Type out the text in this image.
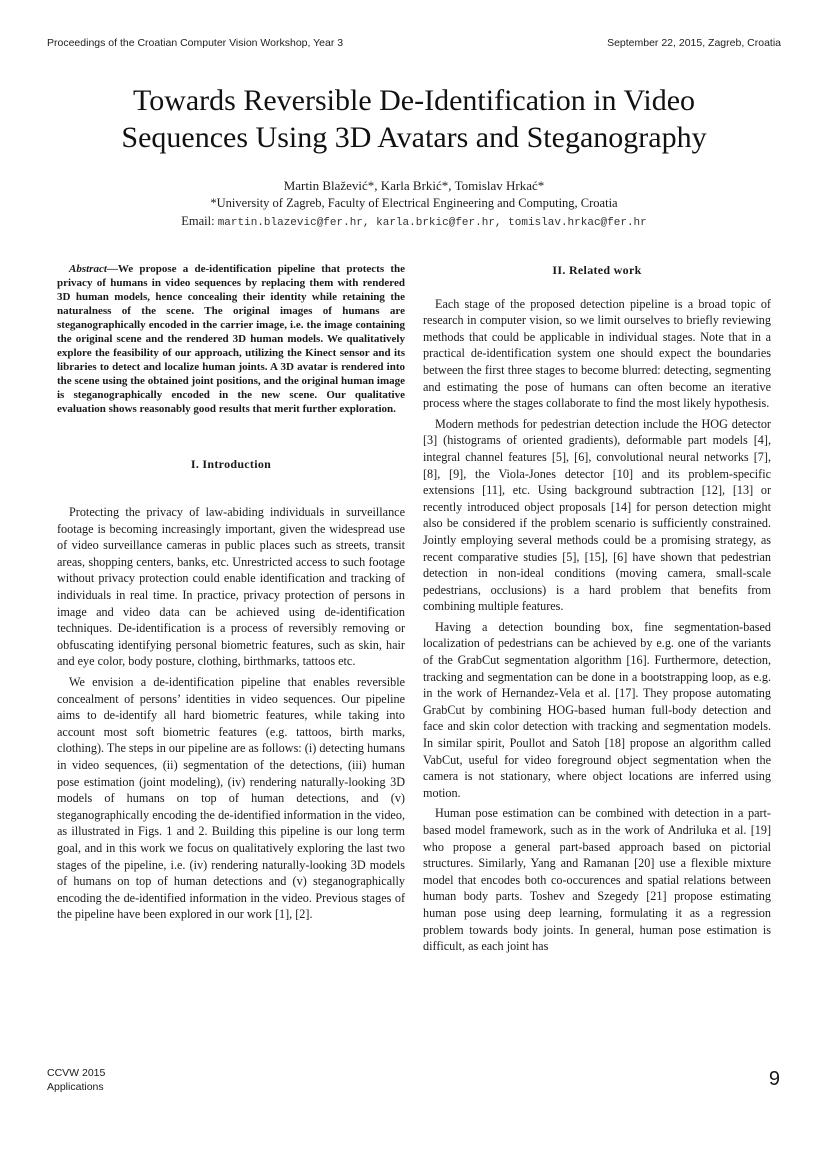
Proceedings of the Croatian Computer Vision Workshop, Year 3	September 22, 2015, Zagreb, Croatia
Towards Reversible De-Identification in Video
Sequences Using 3D Avatars and Steganography
Martin Blažević*, Karla Brkić*, Tomislav Hrkać*
*University of Zagreb, Faculty of Electrical Engineering and Computing, Croatia
Email: martin.blazevic@fer.hr, karla.brkic@fer.hr, tomislav.hrkac@fer.hr

Abstract—We propose a de-identification pipeline that protects the privacy of humans in video sequences by replacing them with rendered 3D human models, hence concealing their identity while retaining the naturalness of the scene. The original images of humans are steganographically encoded in the carrier image, i.e. the image containing the original scene and the rendered 3D human models. We qualitatively explore the feasibility of our approach, utilizing the Kinect sensor and its libraries to detect and localize human joints. A 3D avatar is rendered into the scene using the obtained joint positions, and the original human image is steganographically encoded in the new scene. Our qualitative evaluation shows reasonably good results that merit further exploration.

I. Introduction

Protecting the privacy of law-abiding individuals in surveillance footage is becoming increasingly important, given the widespread use of video surveillance cameras in public places such as streets, transit areas, shopping centers, banks, etc. Unrestricted access to such footage without privacy protection could enable identification and tracking of individuals in real time. In practice, privacy protection of persons in image and video data can be achieved using de-identification techniques. De-identification is a process of reversibly removing or obfuscating identifying personal biometric features, such as skin, hair and eye color, body posture, clothing, birthmarks, tattoos etc.

We envision a de-identification pipeline that enables reversible concealment of persons’ identities in video sequences. Our pipeline aims to de-identify all hard biometric features, while taking into account most soft biometric features (e.g. tattoos, birth marks, clothing). The steps in our pipeline are as follows: (i) detecting humans in video sequences, (ii) segmentation of the detections, (iii) human pose estimation (joint modeling), (iv) rendering naturally-looking 3D models of humans on top of human detections, and (v) steganographically encoding the de-identified information in the video, as illustrated in Figs. 1 and 2. Building this pipeline is our long term goal, and in this work we focus on qualitatively exploring the last two stages of the pipeline, i.e. (iv) rendering naturally-looking 3D models of humans on top of human detections and (v) steganographically encoding the de-identified information in the video. Previous stages of the pipeline have been explored in our work [1], [2].

II. Related work

Each stage of the proposed detection pipeline is a broad topic of research in computer vision, so we limit ourselves to briefly reviewing methods that could be applicable in individual stages. Note that in a practical de-identification system one should expect the boundaries between the first three stages to become blurred: detecting, segmenting and estimating the pose of humans can often become an iterative process where the stages collaborate to find the most likely hypothesis.

Modern methods for pedestrian detection include the HOG detector [3] (histograms of oriented gradients), deformable part models [4], integral channel features [5], [6], convolutional neural networks [7], [8], [9], the Viola-Jones detector [10] and its problem-specific extensions [11], etc. Using background subtraction [12], [13] or recently introduced object proposals [14] for person detection might also be considered if the problem scenario is sufficiently constrained. Jointly employing several methods could be a promising strategy, as recent comparative studies [5], [15], [6] have shown that pedestrian detection in non-ideal conditions (moving camera, small-scale pedestrians, occlusions) is a hard problem that benefits from combining multiple features.

Having a detection bounding box, fine segmentation-based localization of pedestrians can be achieved by e.g. one of the variants of the GrabCut segmentation algorithm [16]. Furthermore, detection, tracking and segmentation can be done in a bootstrapping loop, as e.g. in the work of Hernandez-Vela et al. [17]. They propose automating GrabCut by combining HOG-based human full-body detection and face and skin color detection with tracking and segmentation models. In similar spirit, Poullot and Satoh [18] propose an algorithm called VabCut, useful for video foreground object segmentation when the camera is not stationary, where object locations are inferred using motion.

Human pose estimation can be combined with detection in a part-based model framework, such as in the work of Andriluka et al. [19] who propose a general part-based approach based on pictorial structures. Similarly, Yang and Ramanan [20] use a flexible mixture model that encodes both co-occurences and spatial relations between human body parts. Toshev and Szegedy [21] propose estimating human pose using deep learning, formulating it as a regression problem towards body joints. In general, human pose estimation is difficult, as each joint has

CCVW 2015
Applications	9
